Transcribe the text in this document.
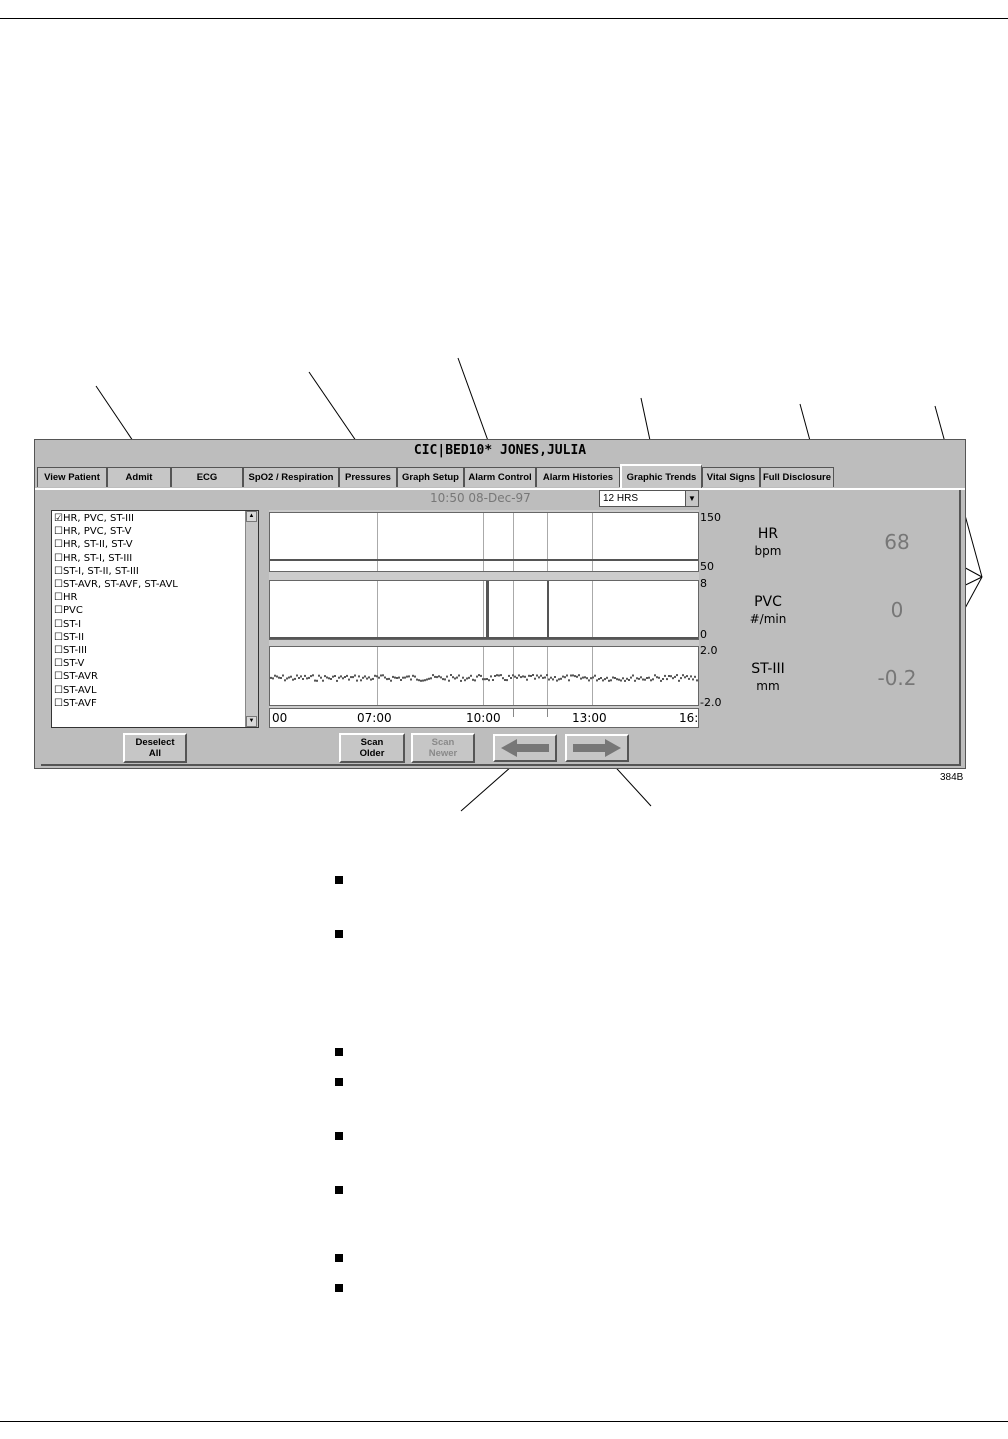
CIC|BED10* JONES,JULIA
View Patient	Admit	ECG	SpO2 / Respiration	Pressures	Graph Setup Alarm Control	Alarm Histories	Graphic Trends	Vital Signs Full Disclosure
10:50 08-Dec-97	12 HRS	▼
☑HR, PVC, ST-III
☐HR, PVC, ST-V
☐HR, ST-II, ST-V
☐HR, ST-I, ST-III
☐ST-I, ST-II, ST-III
☐ST-AVR, ST-AVF, ST-AVL
☐HR
☐PVC
☐ST-I
☐ST-II
☐ST-III
☐ST-V
☐ST-AVR
☐ST-AVL
☐ST-AVF
▲
▼ 00	07:00	10:00	13:00	16:
150
50
8
0
2.0
-2.0
Deselect
All
Scan
Older
Scan
Newer
HR
bpm
PVC
#/min
ST-III
mm
68
0
-0.2
384B
